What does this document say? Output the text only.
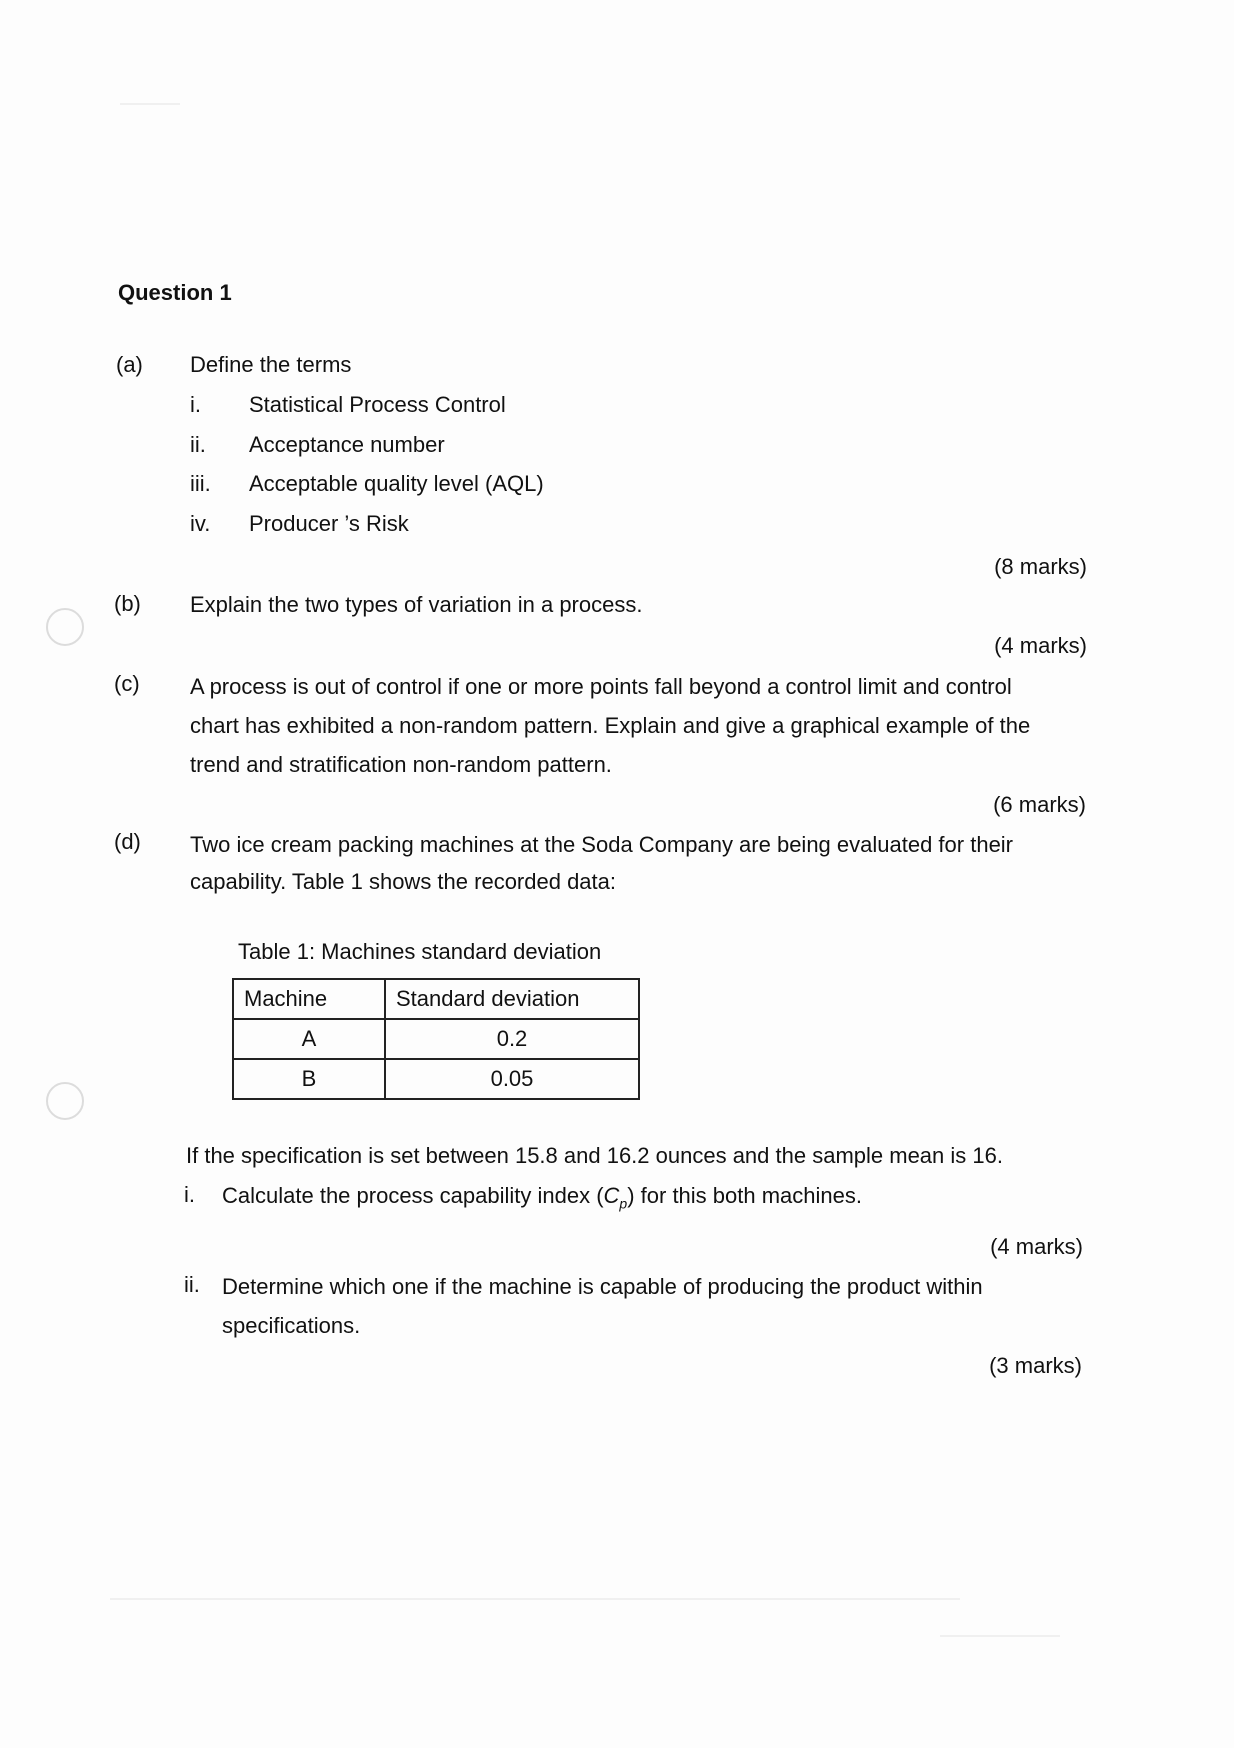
Question 1
(a) Define the terms
i. Statistical Process Control
ii. Acceptance number
iii. Acceptable quality level (AQL)
iv. Producer ’s Risk
(8 marks)
(b) Explain the two types of variation in a process.
(4 marks)
(c) A process is out of control if one or more points fall beyond a control limit and control
chart has exhibited a non-random pattern. Explain and give a graphical example of the
trend and stratification non-random pattern.
(6 marks)
(d) Two ice cream packing machines at the Soda Company are being evaluated for their
capability. Table 1 shows the recorded data:
Table 1: Machines standard deviation
Machine	Standard deviation
A	0.2
B	0.05
If the specification is set between 15.8 and 16.2 ounces and the sample mean is 16.
i. Calculate the process capability index $(C_p)$ for this both machines.
(4 marks)
ii. Determine which one if the machine is capable of producing the product within
specifications.
(3 marks)
